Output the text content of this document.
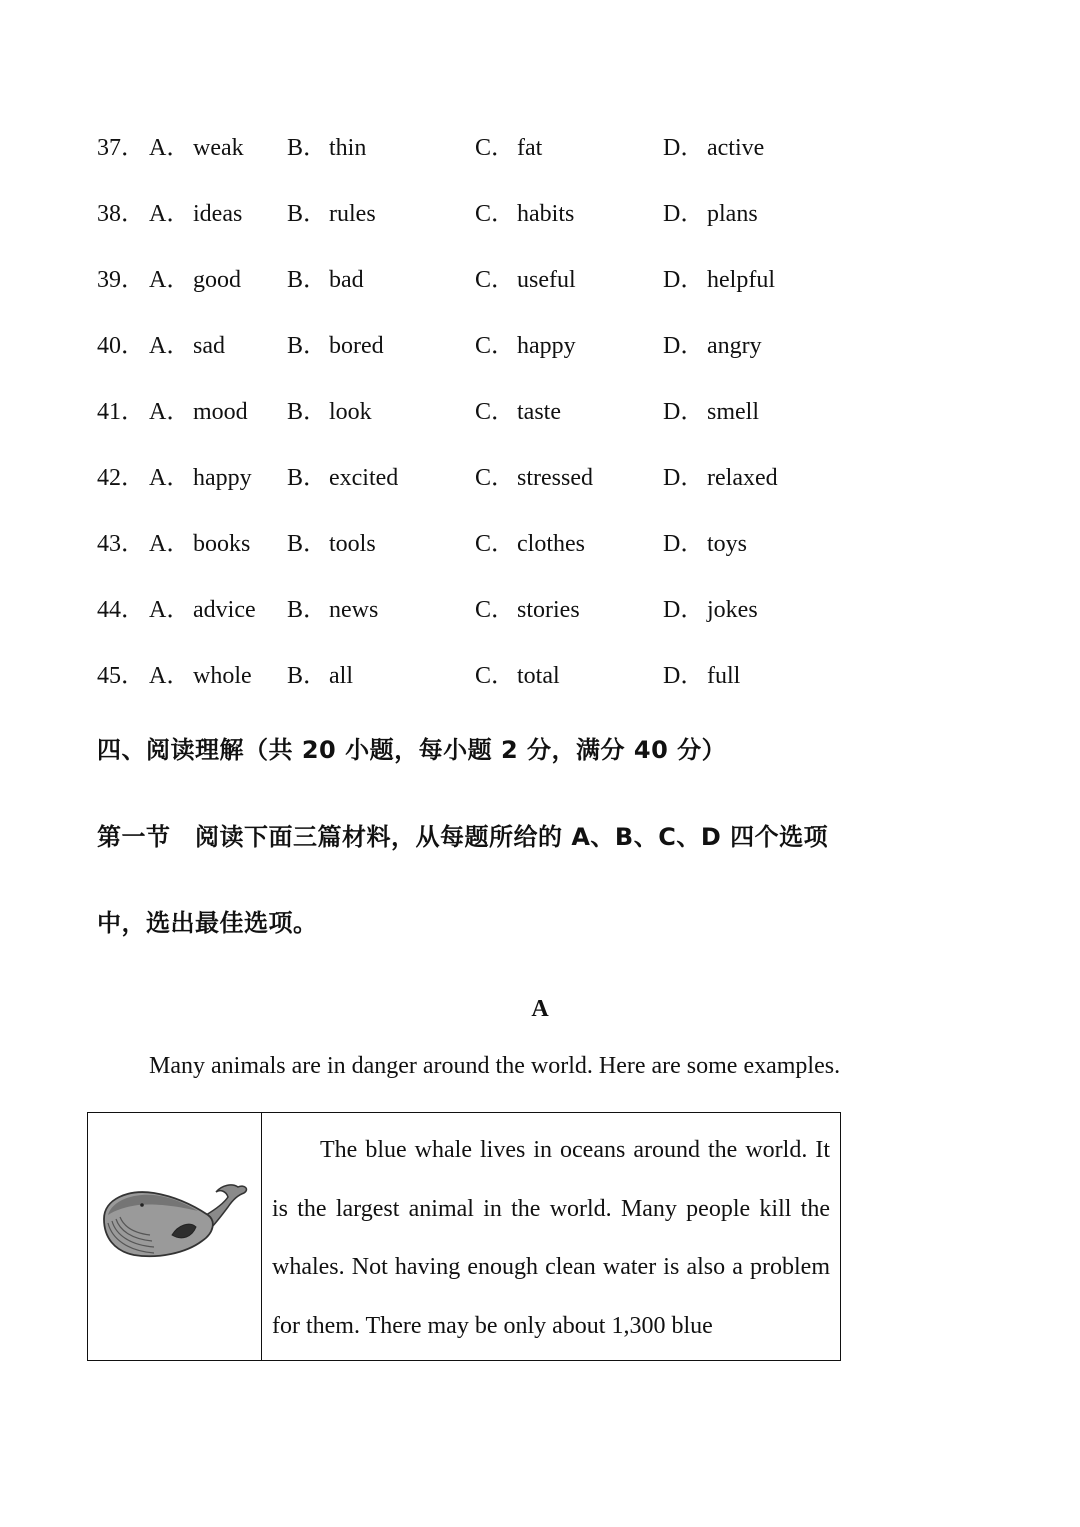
37． A． weak B． thin	C． fat	D． active
38． A． ideas B． rules	C． habits	D． plans
39． A． good B． bad	C． useful	D． helpful
40． A． sad	B． bored	C． happy	D． angry
41． A． mood B． look	C． taste	D． smell
42． A． happy B． excited	C． stressed	D． relaxed
43． A． books B． tools	C． clothes	D． toys
44． A． advice B． news	C． stories	D． jokes
45． A． whole B． all	C． total	D． full
四、阅读理解（共 20 小题，每小题 2 分，满分 40 分）
第一节　阅读下面三篇材料，从每题所给的 A、B、C、D 四个选项
中，选出最佳选项。
A
Many animals are in danger around the world. Here are some examples.
The blue whale lives in oceans around the world. It is the largest animal in the world. Many people kill the whales. Not having enough clean water is also a problem for them. There may be only about 1,300 blue
